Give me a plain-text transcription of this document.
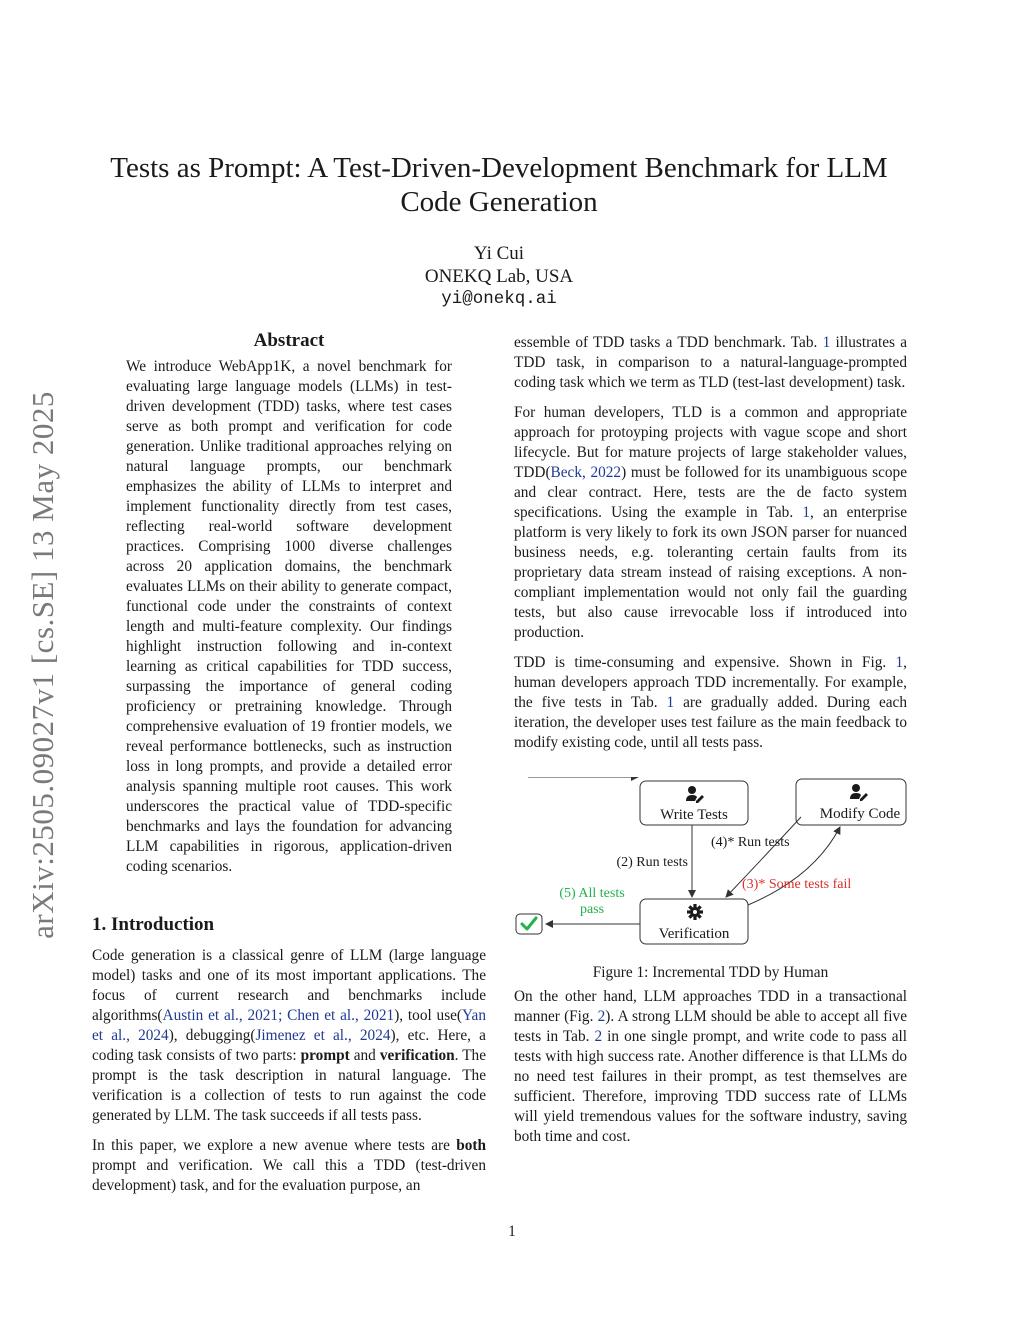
arXiv:2505.09027v1 [cs.SE] 13 May 2025
Tests as Prompt: A Test-Driven-Development Benchmark for LLM Code Generation
Yi Cui
ONEKQ Lab, USA
yi@onekq.ai
Abstract

We introduce WebApp1K, a novel benchmark for evaluating large language models (LLMs) in test-driven development (TDD) tasks, where test cases serve as both prompt and verification for code generation. Unlike traditional approaches relying on natural language prompts, our benchmark emphasizes the ability of LLMs to interpret and implement functionality directly from test cases, reflecting real-world software development practices. Comprising 1000 diverse challenges across 20 application domains, the benchmark evaluates LLMs on their ability to generate compact, functional code under the constraints of context length and multi-feature complexity. Our findings highlight instruction following and in-context learning as critical capabilities for TDD success, surpassing the importance of general coding proficiency or pretraining knowledge. Through comprehensive evaluation of 19 frontier models, we reveal performance bottlenecks, such as instruction loss in long prompts, and provide a detailed error analysis spanning multiple root causes. This work underscores the practical value of TDD-specific benchmarks and lays the foundation for advancing LLM capabilities in rigorous, application-driven coding scenarios.

1. Introduction

Code generation is a classical genre of LLM (large language model) tasks and one of its most important applications. The focus of current research and benchmarks include algorithms(Austin et al., 2021; Chen et al., 2021), tool use(Yan et al., 2024), debugging(Jimenez et al., 2024), etc. Here, a coding task consists of two parts: prompt and verification. The prompt is the task description in natural language. The verification is a collection of tests to run against the code generated by LLM. The task succeeds if all tests pass.

In this paper, we explore a new avenue where tests are both prompt and verification. We call this a TDD (test-driven development) task, and for the evaluation purpose, an

essemble of TDD tasks a TDD benchmark. Tab. 1 illustrates a TDD task, in comparison to a natural-language-prompted coding task which we term as TLD (test-last development) task.

For human developers, TLD is a common and appropriate approach for protoyping projects with vague scope and short lifecycle. But for mature projects of large stakeholder values, TDD(Beck, 2022) must be followed for its unambiguous scope and clear contract. Here, tests are the de facto system specifications. Using the example in Tab. 1, an enterprise platform is very likely to fork its own JSON parser for nuanced business needs, e.g. toleranting certain faults from its proprietary data stream instead of raising exceptions. A non-compliant implementation would not only fail the guarding tests, but also cause irrevocable loss if introduced into production.

TDD is time-consuming and expensive. Shown in Fig. 1, human developers approach TDD incrementally. For example, the five tests in Tab. 1 are gradually added. During each iteration, the developer uses test failure as the main feedback to modify existing code, until all tests pass.

Write Tests	Modify Code
Verification
(2) Run tests
(4)* Run tests
(3)* Some tests fail
(5) All tests
pass
Figure 1: Incremental TDD by Human

On the other hand, LLM approaches TDD in a transactional manner (Fig. 2). A strong LLM should be able to accept all five tests in Tab. 2 in one single prompt, and write code to pass all tests with high success rate. Another difference is that LLMs do no need test failures in their prompt, as test themselves are sufficient. Therefore, improving TDD success rate of LLMs will yield tremendous values for the software industry, saving both time and cost.

1
